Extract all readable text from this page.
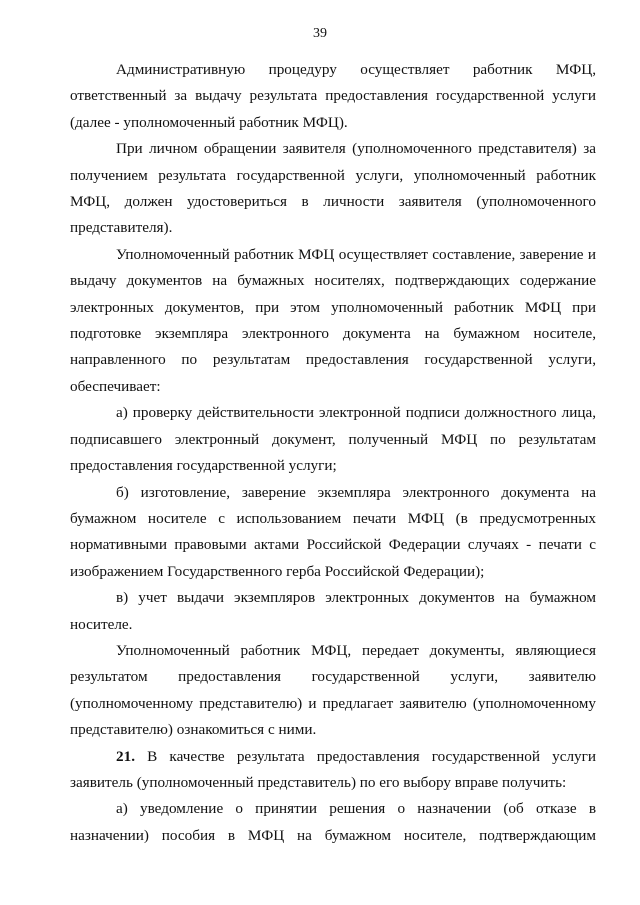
39

Административную процедуру осуществляет работник МФЦ, ответственный за выдачу результата предоставления государственной услуги (далее - уполномоченный работник МФЦ).

При личном обращении заявителя (уполномоченного представителя) за получением результата государственной услуги, уполномоченный работник МФЦ, должен удостовериться в личности заявителя (уполномоченного представителя).

Уполномоченный работник МФЦ осуществляет составление, заверение и выдачу документов на бумажных носителях, подтверждающих содержание электронных документов, при этом уполномоченный работник МФЦ при подготовке экземпляра электронного документа на бумажном носителе, направленного по результатам предоставления государственной услуги, обеспечивает:

а) проверку действительности электронной подписи должностного лица, подписавшего электронный документ, полученный МФЦ по результатам предоставления государственной услуги;

б) изготовление, заверение экземпляра электронного документа на бумажном носителе с использованием печати МФЦ (в предусмотренных нормативными правовыми актами Российской Федерации случаях - печати с изображением Государственного герба Российской Федерации);

в) учет выдачи экземпляров электронных документов на бумажном носителе.

Уполномоченный работник МФЦ, передает документы, являющиеся результатом предоставления государственной услуги, заявителю (уполномоченному представителю) и предлагает заявителю (уполномоченному представителю) ознакомиться с ними.

21. В качестве результата предоставления государственной услуги заявитель (уполномоченный представитель) по его выбору вправе получить:

а) уведомление о принятии решения о назначении (об отказе в назначении) пособия в МФЦ на бумажном носителе, подтверждающим
